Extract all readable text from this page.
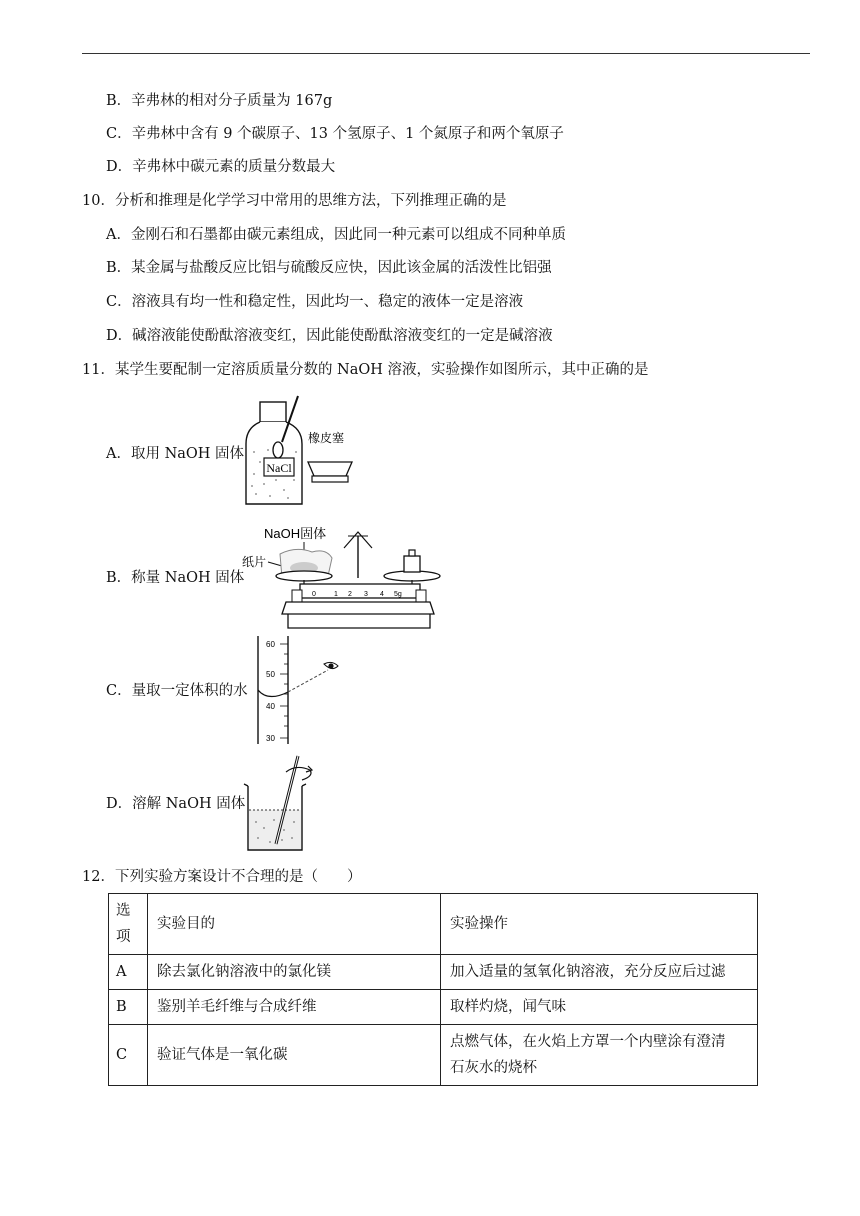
B．辛弗林的相对分子质量为 167g
C．辛弗林中含有 9 个碳原子、13 个氢原子、1 个氮原子和两个氧原子
D．辛弗林中碳元素的质量分数最大
10．分析和推理是化学学习中常用的思维方法，下列推理正确的是
A．金刚石和石墨都由碳元素组成，因此同一种元素可以组成不同种单质
B．某金属与盐酸反应比铝与硫酸反应快，因此该金属的活泼性比铝强
C．溶液具有均一性和稳定性，因此均一、稳定的液体一定是溶液
D．碱溶液能使酚酞溶液变红，因此能使酚酞溶液变红的一定是碱溶液
11．某学生要配制一定溶质质量分数的 NaOH 溶液，实验操作如图所示，其中正确的是
A．取用 NaOH 固体
NaCl
橡皮塞
B．称量 NaOH 固体
NaOH固体
纸片
0	1 2 3 4 5g
C．量取一定体积的水
60
50
40
30
D．溶解 NaOH 固体
12．下列实验方案设计不合理的是（　　）
选
项	实验目的	实验操作
A	除去氯化钠溶液中的氯化镁	加入适量的氢氧化钠溶液，充分反应后过滤
B	鉴别羊毛纤维与合成纤维	取样灼烧，闻气味
C	验证气体是一氧化碳	点燃气体，在火焰上方罩一个内壁涂有澄清
石灰水的烧杯
